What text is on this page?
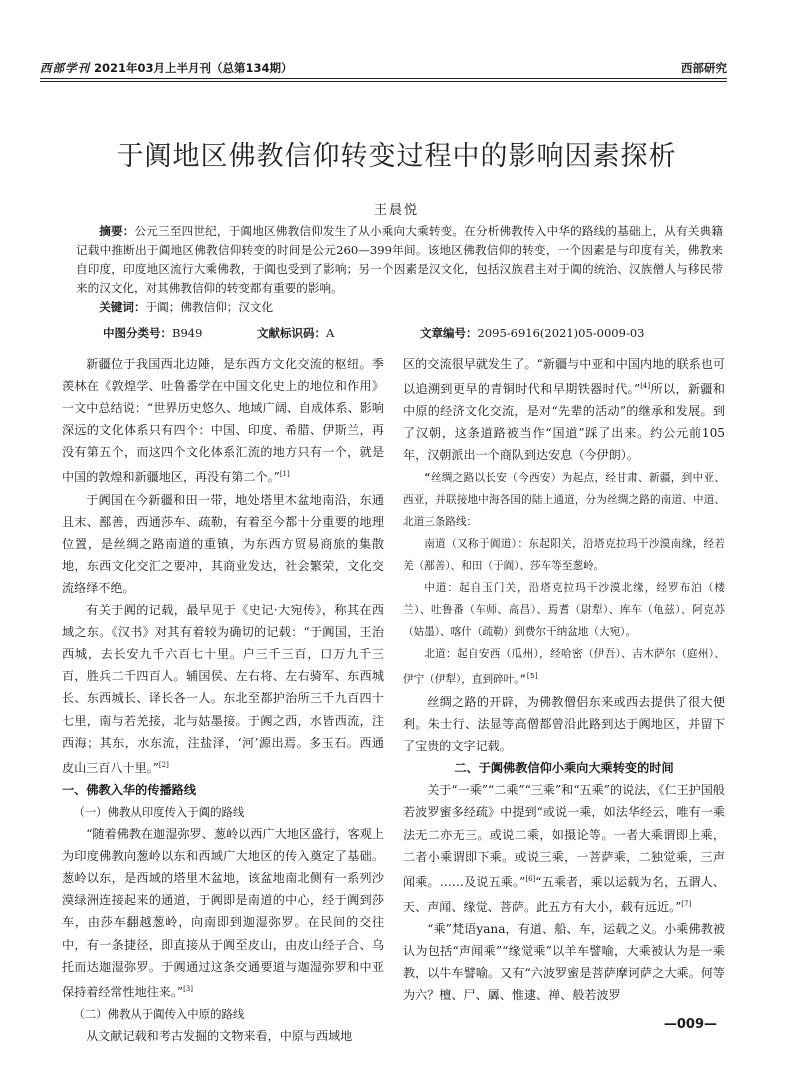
西部学刊 2021年03月上半月刊（总第134期）	西部研究
于阗地区佛教信仰转变过程中的影响因素探析
王晨悦
摘要：公元三至四世纪，于阗地区佛教信仰发生了从小乘向大乘转变。在分析佛教传入中华的路线的基础上，从有关典籍记载中推断出于阗地区佛教信仰转变的时间是公元260—399年间。该地区佛教信仰的转变，一个因素是与印度有关，佛教来自印度，印度地区流行大乘佛教，于阗也受到了影响；另一个因素是汉文化，包括汉族君主对于阗的统治、汉族僧人与移民带来的汉文化，对其佛教信仰的转变都有重要的影响。
关键词：于阗；佛教信仰；汉文化
中图分类号：B949	文献标识码：A	文章编号：2095-6916(2021)05-0009-03

新疆位于我国西北边陲，是东西方文化交流的枢纽。季羡林在《敦煌学、吐鲁番学在中国文化史上的地位和作用》一文中总结说：“世界历史悠久、地域广阔、自成体系、影响深远的文化体系只有四个：中国、印度、希腊、伊斯兰，再没有第五个，而这四个文化体系汇流的地方只有一个，就是中国的敦煌和新疆地区，再没有第二个。”[1]

于阗国在今新疆和田一带，地处塔里木盆地南沿，东通且末、鄯善，西通莎车、疏勒，有着至今都十分重要的地理位置，是丝绸之路南道的重镇，为东西方贸易商旅的集散地，东西文化交汇之要冲，其商业发达，社会繁荣，文化交流络绎不绝。

有关于阗的记载，最早见于《史记·大宛传》，称其在西域之东。《汉书》对其有着较为确切的记载：“于阗国，王治西城，去长安九千六百七十里。户三千三百，口万九千三百，胜兵二千四百人。辅国侯、左右将、左右骑军、东西城长、东西城长、译长各一人。东北至都护治所三千九百四十七里，南与若羌接，北与姑墨接。于阗之西，水皆西流，注西海；其东，水东流，注盐泽，‘河’源出焉。多玉石。西通皮山三百八十里。”[2]

一、佛教入华的传播路线
（一）佛教从印度传入于阗的路线

“随着佛教在迦湿弥罗、葱岭以西广大地区盛行，客观上为印度佛教向葱岭以东和西域广大地区的传入奠定了基础。葱岭以东，是西域的塔里木盆地，该盆地南北侧有一系列沙漠绿洲连接起来的通道，于阗即是南道的中心，经于阗到莎车，由莎车翻越葱岭，向南即到迦湿弥罗。在民间的交往中，有一条捷径，即直接从于阗至皮山，由皮山经子合、乌托而达迦湿弥罗。于阗通过这条交通要道与迦湿弥罗和中亚保持着经常性地往来。”[3]

（二）佛教从于阗传入中原的路线

从文献记载和考古发掘的文物来看，中原与西域地

区的交流很早就发生了。“新疆与中亚和中国内地的联系也可以追溯到更早的青铜时代和早期铁器时代。”[4]所以，新疆和中原的经济文化交流，是对“先辈的活动”的继承和发展。到了汉朝，这条道路被当作“国道”踩了出来。约公元前105年，汉朝派出一个商队到达安息（今伊朗）。

“丝绸之路以长安（今西安）为起点，经甘肃、新疆，到中亚、西亚，并联接地中海各国的陆上通道，分为丝绸之路的南道、中道、北道三条路线：

南道（又称于阗道）：东起阳关，沿塔克拉玛干沙漠南缘，经若羌（鄯善）、和田（于阗）、莎车等至葱岭。

中道：起自玉门关，沿塔克拉玛干沙漠北缘，经罗布泊（楼兰）、吐鲁番（车师、高昌）、焉耆（尉犁）、库车（龟兹）、阿克苏（姑墨）、喀什（疏勒）到费尔干纳盆地（大宛）。

北道：起自安西（瓜州），经哈密（伊吾）、吉木萨尔（庭州）、伊宁（伊犁），直到碎叶。”[5]

丝绸之路的开辟，为佛教僧侣东来或西去提供了很大便利。朱士行、法显等高僧都曾沿此路到达于阗地区，并留下了宝贵的文字记载。

二、于阗佛教信仰小乘向大乘转变的时间

关于“一乘”“二乘”“三乘”和“五乘”的说法，《仁王护国般若波罗蜜多经疏》中提到“或说一乘，如法华经云，唯有一乘法无二亦无三。或说二乘，如摄论等。一者大乘谓即上乘，二者小乘谓即下乘。或说三乘，一菩萨乘，二独觉乘，三声闻乘。……及说五乘。”[6]“五乘者，乘以运载为名，五谓人、天、声闻、缘觉、菩萨。此五方有大小，载有远近。”[7]

“乘”梵语yana，有道、船、车，运载之义。小乘佛教被认为包括“声闻乘”“缘觉乘”以羊车譬喻，大乘被认为是一乘教，以牛车譬喻。又有“六波罗蜜是菩萨摩诃萨之大乘。何等为六？檀、尸、羼、惟逮、禅、般若波罗

—009—
